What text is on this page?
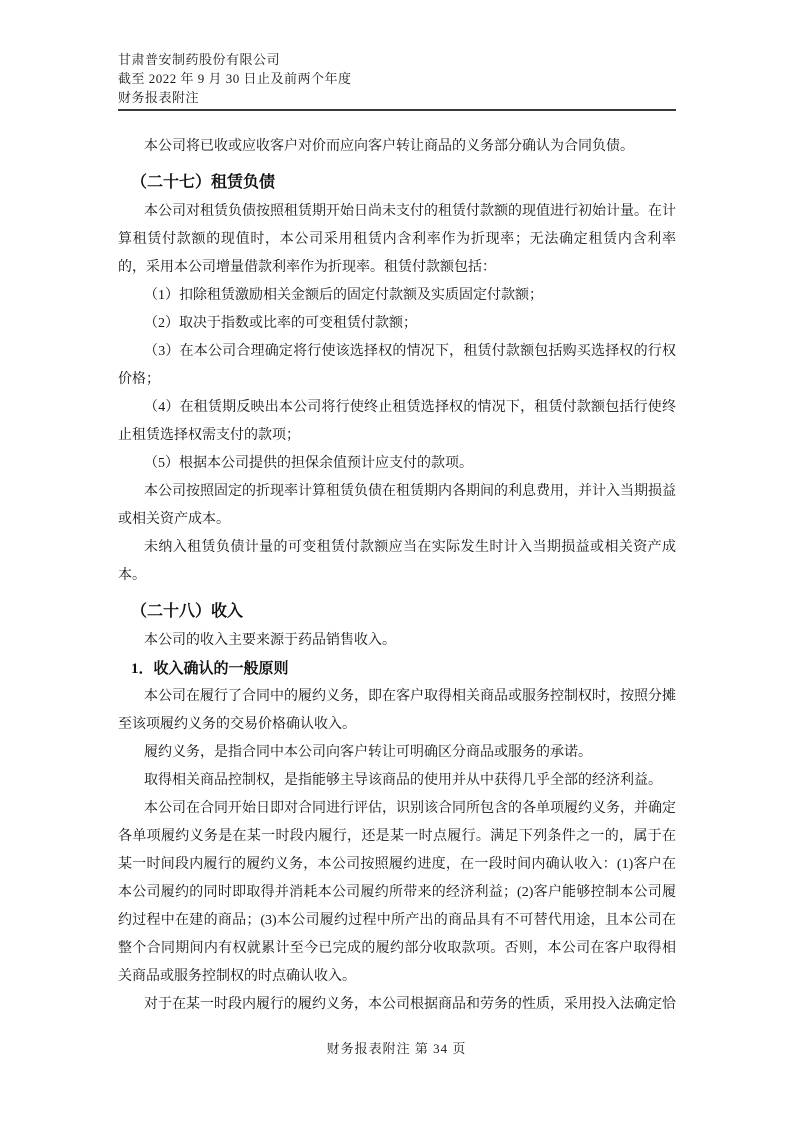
甘肃普安制药股份有限公司

截至 2022 年 9 月 30 日止及前两个年度

财务报表附注

本公司将已收或应收客户对价而应向客户转让商品的义务部分确认为合同负债。

（二十七）租赁负债

本公司对租赁负债按照租赁期开始日尚未支付的租赁付款额的现值进行初始计量。在计算租赁付款额的现值时，本公司采用租赁内含利率作为折现率；无法确定租赁内含利率的，采用本公司增量借款利率作为折现率。租赁付款额包括：

（1）扣除租赁激励相关金额后的固定付款额及实质固定付款额；

（2）取决于指数或比率的可变租赁付款额；

（3）在本公司合理确定将行使该选择权的情况下，租赁付款额包括购买选择权的行权价格；

（4）在租赁期反映出本公司将行使终止租赁选择权的情况下，租赁付款额包括行使终止租赁选择权需支付的款项；

（5）根据本公司提供的担保余值预计应支付的款项。

本公司按照固定的折现率计算租赁负债在租赁期内各期间的利息费用，并计入当期损益或相关资产成本。

未纳入租赁负债计量的可变租赁付款额应当在实际发生时计入当期损益或相关资产成本。

（二十八）收入

本公司的收入主要来源于药品销售收入。

1．收入确认的一般原则

本公司在履行了合同中的履约义务，即在客户取得相关商品或服务控制权时，按照分摊至该项履约义务的交易价格确认收入。

履约义务，是指合同中本公司向客户转让可明确区分商品或服务的承诺。

取得相关商品控制权，是指能够主导该商品的使用并从中获得几乎全部的经济利益。

本公司在合同开始日即对合同进行评估，识别该合同所包含的各单项履约义务，并确定各单项履约义务是在某一时段内履行，还是某一时点履行。满足下列条件之一的，属于在某一时间段内履行的履约义务，本公司按照履约进度，在一段时间内确认收入：(1)客户在本公司履约的同时即取得并消耗本公司履约所带来的经济利益；(2)客户能够控制本公司履约过程中在建的商品；(3)本公司履约过程中所产出的商品具有不可替代用途，且本公司在整个合同期间内有权就累计至今已完成的履约部分收取款项。否则，本公司在客户取得相关商品或服务控制权的时点确认收入。

对于在某一时段内履行的履约义务，本公司根据商品和劳务的性质，采用投入法确定恰

财务报表附注 第 34 页
